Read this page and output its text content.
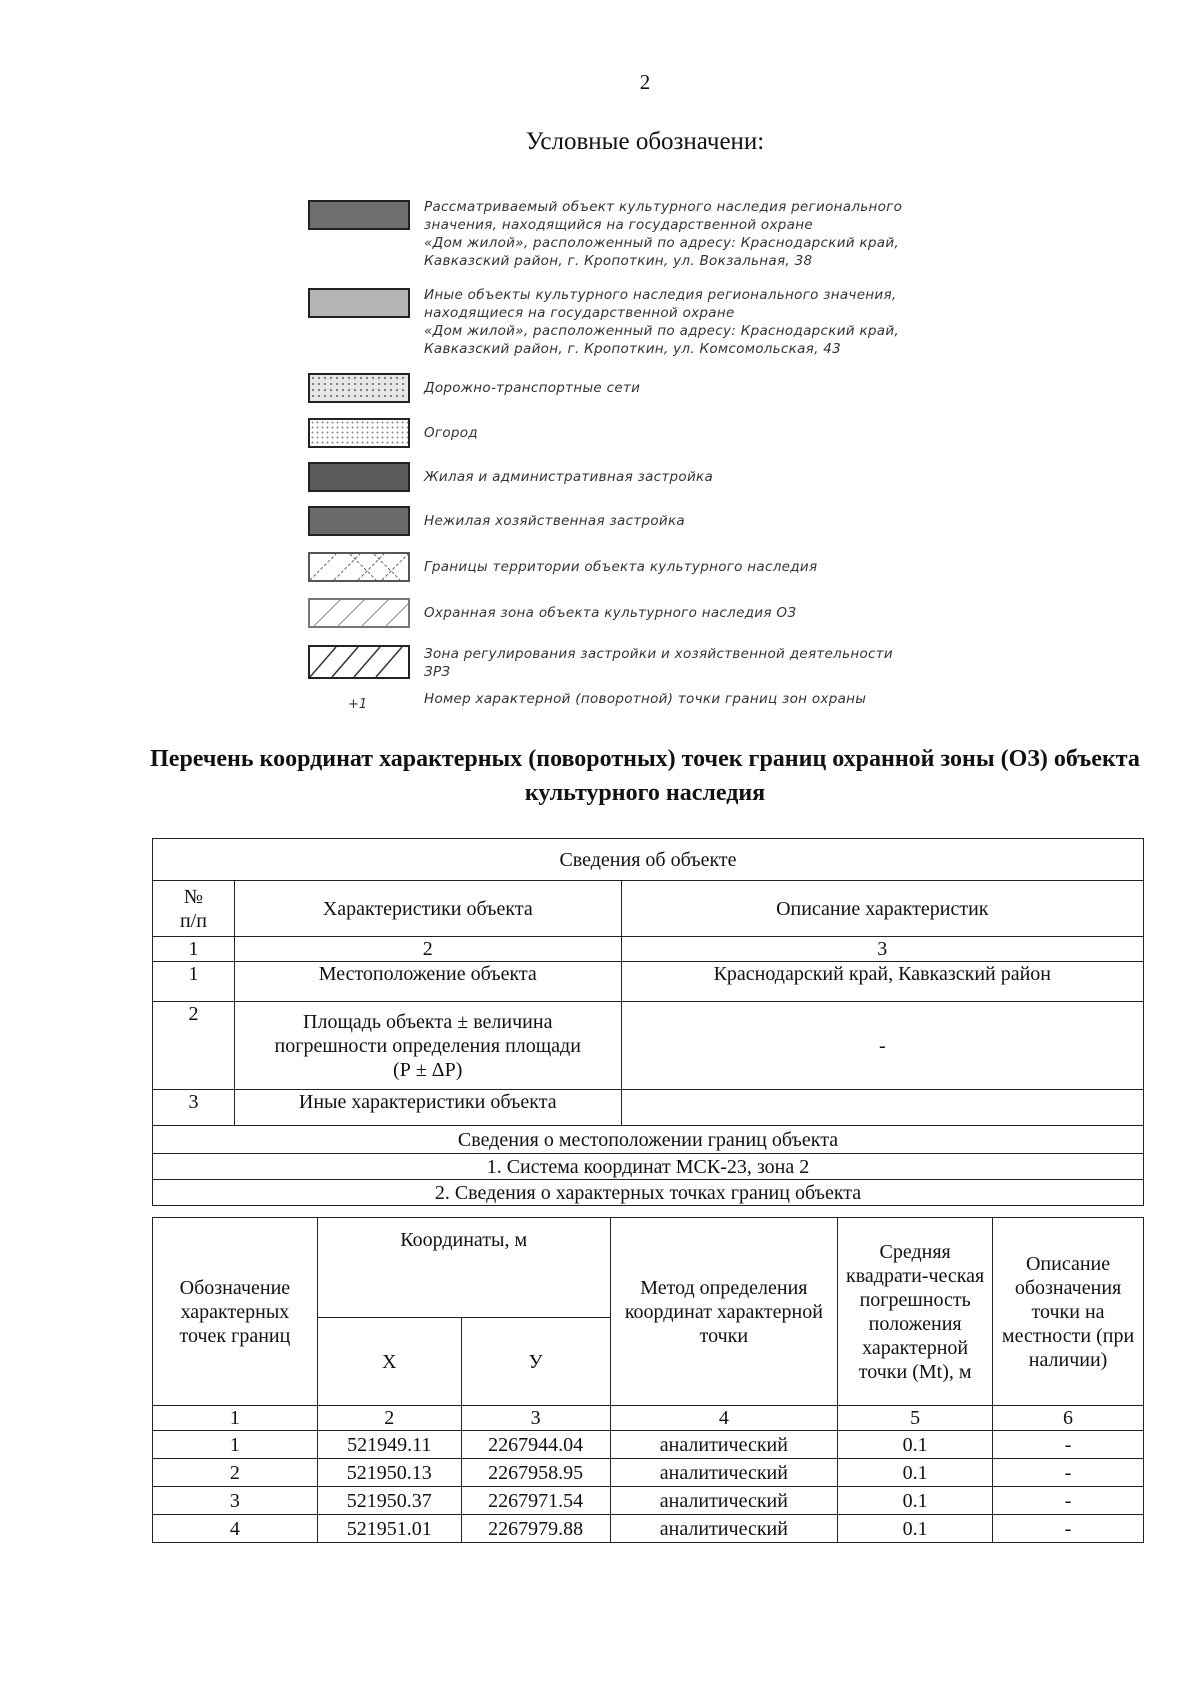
2
Условные обозначени:
Рассматриваемый объект культурного наследия регионального
значения, находящийся на государственной охране
«Дом жилой», расположенный по адресу: Краснодарский край,
Кавказский район, г. Кропоткин, ул. Вокзальная, 38
Иные объекты культурного наследия регионального значения,
находящиеся на государственной охране
«Дом жилой», расположенный по адресу: Краснодарский край,
Кавказский район, г. Кропоткин, ул. Комсомольская, 43
Дорожно-транспортные сети
Огород
Жилая и административная застройка
Нежилая хозяйственная застройка
Границы территории объекта культурного наследия
Охранная зона объекта культурного наследия ОЗ
Зона регулирования застройки и хозяйственной деятельности
ЗРЗ
Номер характерной (поворотной) точки границ зон охраны
+1
Перечень координат характерных (поворотных) точек границ охранной зоны (ОЗ) объекта культурного наследия
Сведения об объекте		
№
п/п	Характеристики объекта	Описание характеристик
1	2	3
1	Местоположение объекта	Краснодарский край, Кавказский район
2	Площадь объекта ± величина погрешности определения площади (Р ± ΔР)	-
3	Иные характеристики объекта	
Сведения о местоположении границ объекта		
1. Система координат МСК-23, зона 2		
2. Сведения о характерных точках границ объекта		
Обозначение характерных точек границ	Координаты, м		Метод определения координат характерной точки	Средняя квадрати-ческая погрешность положения характерной точки (Mt), м	Описание обозначения точки на местности (при наличии)
	Х	У			
1	2	3	4	5	6
1	521949.11	2267944.04	аналитический	0.1	-
2	521950.13	2267958.95	аналитический	0.1	-
3	521950.37	2267971.54	аналитический	0.1	-
4	521951.01	2267979.88	аналитический	0.1	-
